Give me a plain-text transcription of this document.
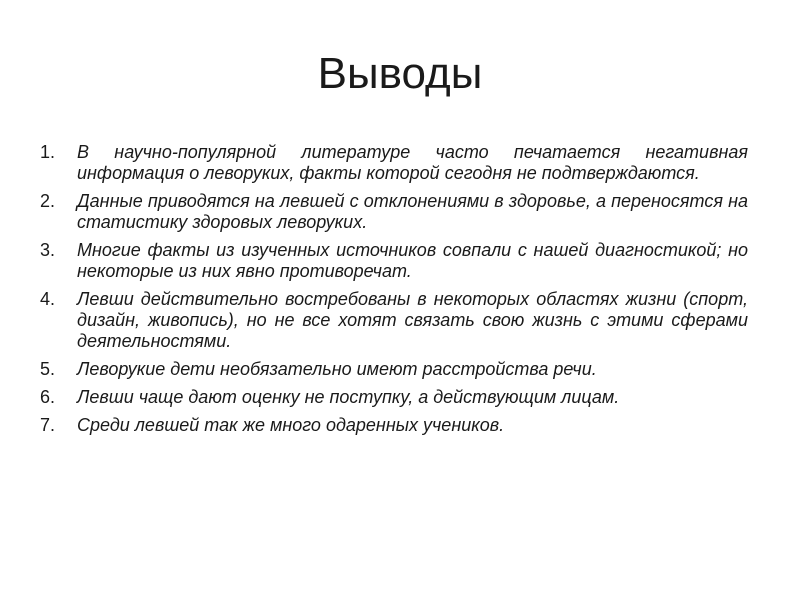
Выводы
1.	В научно-популярной литературе часто печатается негативная информация о леворуких, факты которой сегодня не подтверждаются.
2.	Данные приводятся на левшей с отклонениями в здоровье, а переносятся на статистику здоровых леворуких.
3.	Многие факты из изученных источников совпали с нашей диагностикой; но некоторые из них явно противоречат.
4.	Левши действительно востребованы в некоторых областях жизни (спорт, дизайн, живопись), но не все хотят связать свою жизнь с этими сферами деятельностями.
5.	Леворукие дети необязательно имеют расстройства речи.
6.	Левши чаще дают оценку не поступку, а действующим лицам.
7.	Среди левшей так же много одаренных учеников.
